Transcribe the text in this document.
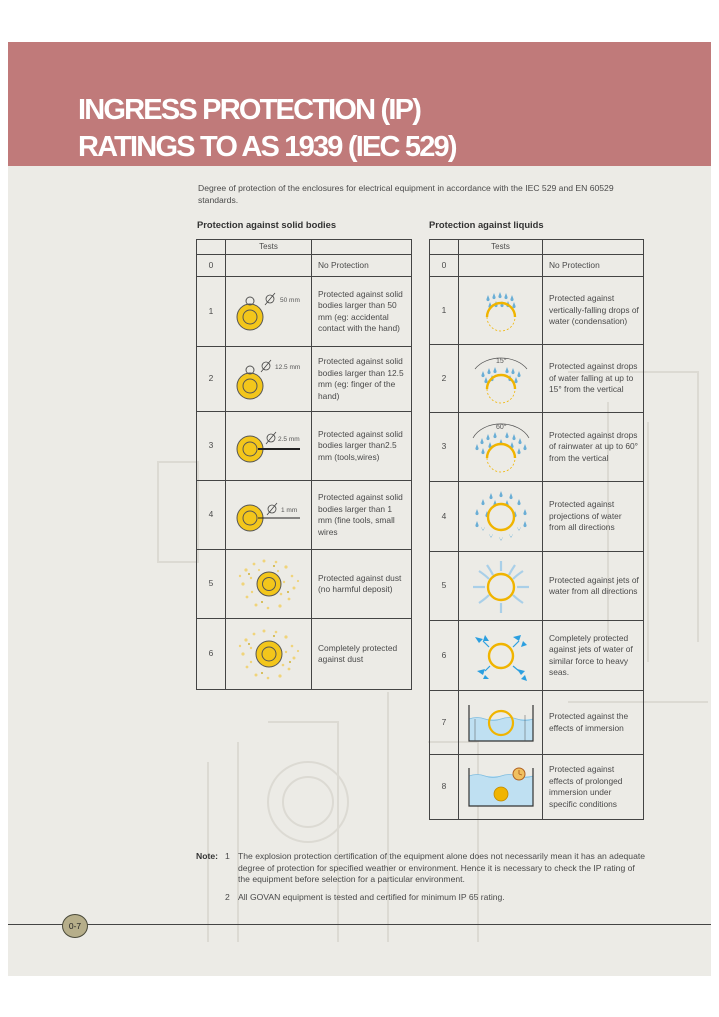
INGRESS PROTECTION (IP)
RATINGS TO AS 1939 (IEC 529)

Degree of protection of the enclosures for electrical equipment in accordance with the IEC 529 and EN 60529 standards.

Protection against solid bodies	Protection against liquids
	Tests	
0		No Protection
1	50 mm	Protected against solid bodies larger than 50 mm (eg: accidental contact with the hand)
2	12.5 mm	Protected against solid bodies larger than 12.5 mm (eg: finger of the hand)
3	2.5 mm	Protected against solid bodies larger than2.5 mm (tools,wires)
4	1 mm	Protected against solid bodies larger than 1 mm (fine tools, small wires
5		Protected against dust (no harmful deposit)
6		Completely protected against dust
	Tests	
0		No Protection
1		Protected against vertically-falling drops of water (condensation)
2	15°	Protected against drops of water falling at up to 15° from the vertical
3	60°	Protected against drops of rainwater at up to 60° from the vertical
4		Protected against projections of water from all directions
5		Protected against jets of water from all directions
6		Completely protected against jets of water of similar force to heavy seas.
7		Protected against the effects of immersion
8		Protected against effects of prolonged immersion under specific conditions
Note: 1 The explosion protection certification of the equipment alone does not necessarily mean it has an adequate degree of protection for specified weather or environment. Hence it is necessary to check the IP rating of the equipment before selection for a particular environment.
2 All GOVAN equipment is tested and certified for minimum IP 65 rating.
0-7
